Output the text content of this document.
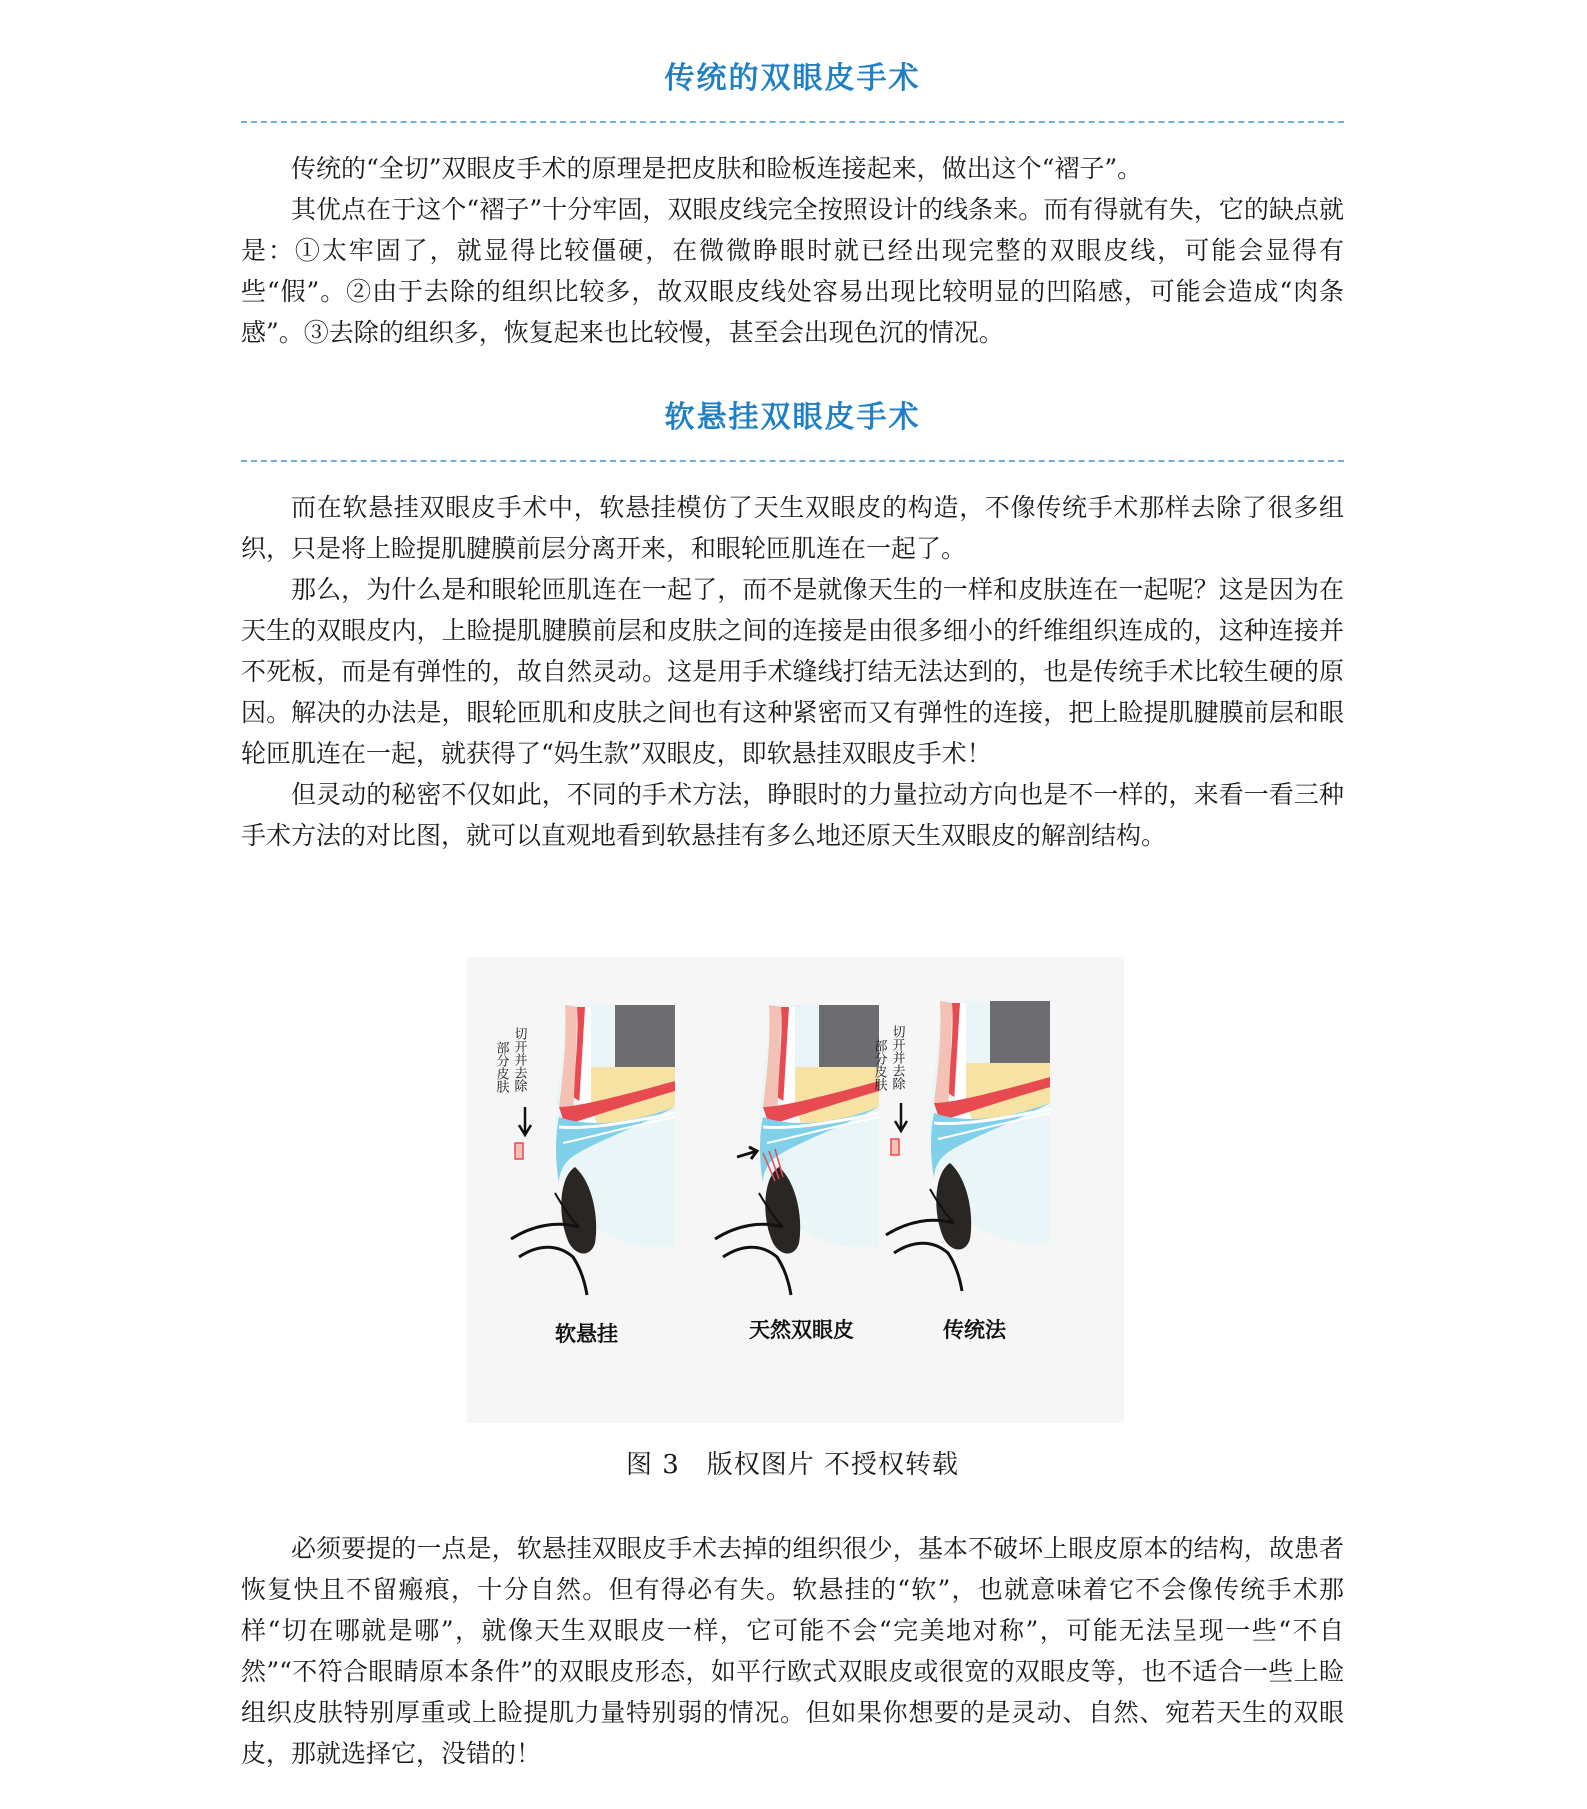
传统的双眼皮手术

传统的“全切”双眼皮手术的原理是把皮肤和睑板连接起来，做出这个“褶子”。

其优点在于这个“褶子”十分牢固，双眼皮线完全按照设计的线条来。而有得就有失，它的缺点就是：①太牢固了，就显得比较僵硬，在微微睁眼时就已经出现完整的双眼皮线，可能会显得有些“假”。②由于去除的组织比较多，故双眼皮线处容易出现比较明显的凹陷感，可能会造成“肉条感”。③去除的组织多，恢复起来也比较慢，甚至会出现色沉的情况。

软悬挂双眼皮手术

而在软悬挂双眼皮手术中，软悬挂模仿了天生双眼皮的构造，不像传统手术那样去除了很多组织，只是将上睑提肌腱膜前层分离开来，和眼轮匝肌连在一起了。

那么，为什么是和眼轮匝肌连在一起了，而不是就像天生的一样和皮肤连在一起呢？这是因为在天生的双眼皮内，上睑提肌腱膜前层和皮肤之间的连接是由很多细小的纤维组织连成的，这种连接并不死板，而是有弹性的，故自然灵动。这是用手术缝线打结无法达到的，也是传统手术比较生硬的原因。解决的办法是，眼轮匝肌和皮肤之间也有这种紧密而又有弹性的连接，把上睑提肌腱膜前层和眼轮匝肌连在一起，就获得了“妈生款”双眼皮，即软悬挂双眼皮手术！

但灵动的秘密不仅如此，不同的手术方法，睁眼时的力量拉动方向也是不一样的，来看一看三种手术方法的对比图，就可以直观地看到软悬挂有多么地还原天生双眼皮的解剖结构。

部分皮肤 切开并去除
软悬挂	天然双眼皮
部分皮肤 切开并去除
传统法
图 3　版权图片 不授权转载

必须要提的一点是，软悬挂双眼皮手术去掉的组织很少，基本不破坏上眼皮原本的结构，故患者恢复快且不留瘢痕，十分自然。但有得必有失。软悬挂的“软”，也就意味着它不会像传统手术那样“切在哪就是哪”，就像天生双眼皮一样，它可能不会“完美地对称”，可能无法呈现一些“不自然”“不符合眼睛原本条件”的双眼皮形态，如平行欧式双眼皮或很宽的双眼皮等，也不适合一些上睑组织皮肤特别厚重或上睑提肌力量特别弱的情况。但如果你想要的是灵动、自然、宛若天生的双眼皮，那就选择它，没错的！
